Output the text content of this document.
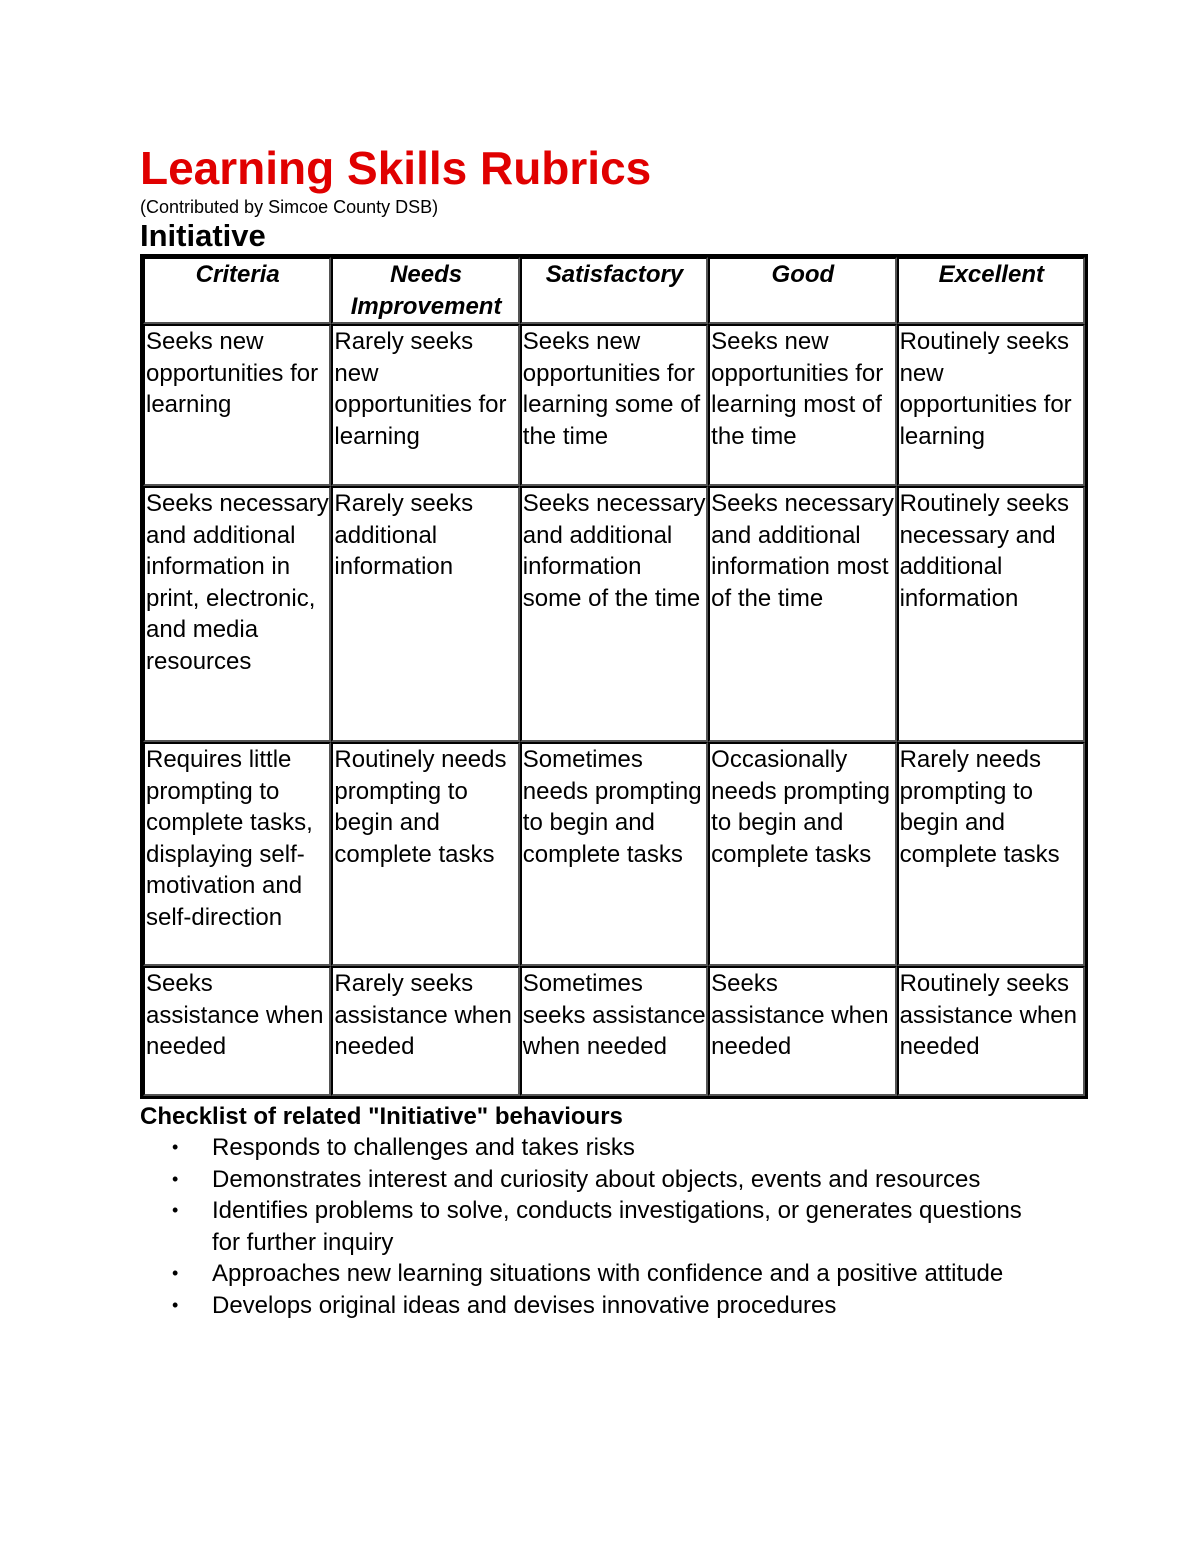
Learning Skills Rubrics

(Contributed by Simcoe County DSB)

Initiative
Criteria	Needs Improvement	Satisfactory	Good	Excellent
Seeks new opportunities for learning	Rarely seeks new opportunities for learning	Seeks new opportunities for learning some of the time	Seeks new opportunities for learning most of the time	Routinely seeks new opportunities for learning
Seeks necessary and additional information in print, electronic, and media resources	Rarely seeks additional information	Seeks necessary and additional information some of the time	Seeks necessary and additional information most of the time	Routinely seeks necessary and additional information
Requires little prompting to complete tasks, displaying self-motivation and self-direction	Routinely needs prompting to begin and complete tasks	Sometimes needs prompting to begin and complete tasks	Occasionally needs prompting to begin and complete tasks	Rarely needs prompting to begin and complete tasks
Seeks assistance when needed	Rarely seeks assistance when needed	Sometimes seeks assistance when needed	Seeks assistance when needed	Routinely seeks assistance when needed

Checklist of related "Initiative" behaviours

• Responds to challenges and takes risks
• Demonstrates interest and curiosity about objects, events and resources
• Identifies problems to solve, conducts investigations, or generates questions for further inquiry
• Approaches new learning situations with confidence and a positive attitude
• Develops original ideas and devises innovative procedures
